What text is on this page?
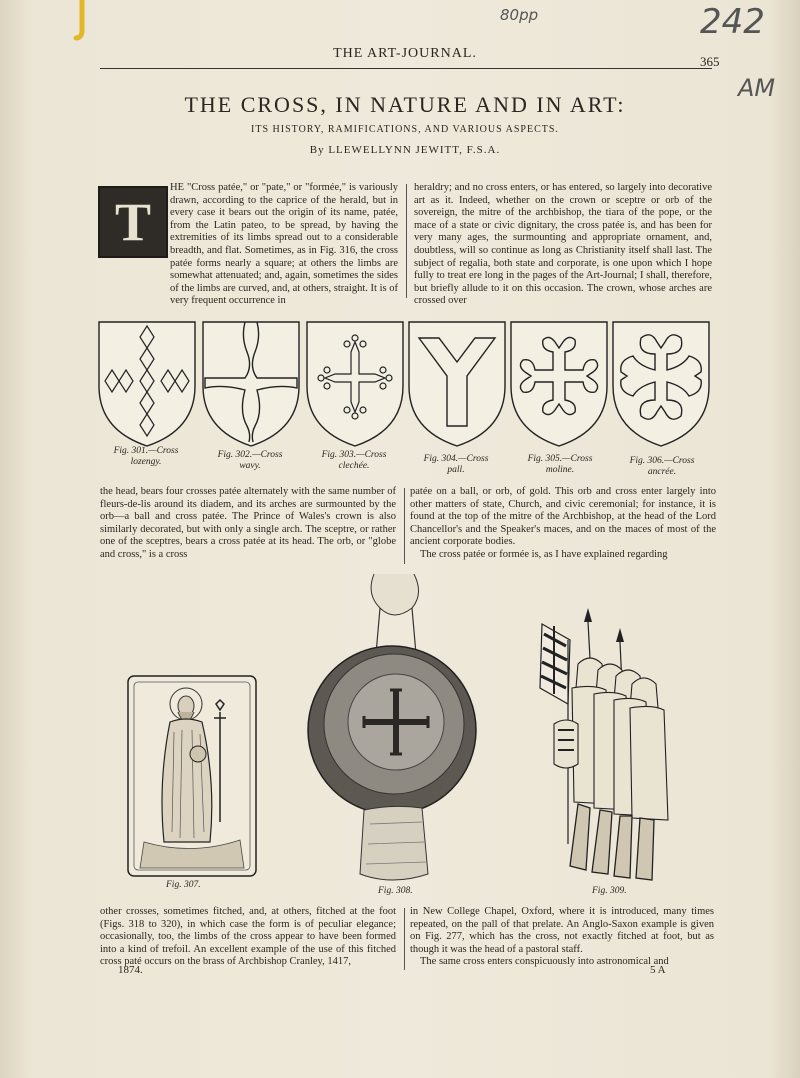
80pp	242
AM
THE ART-JOURNAL.
365
THE CROSS, IN NATURE AND IN ART:
ITS HISTORY, RAMIFICATIONS, AND VARIOUS ASPECTS.
By LLEWELLYNN JEWITT, F.S.A.
T

HE "Cross patée," or "pate," or "formée," is variously drawn, according to the caprice of the herald, but in every case it bears out the origin of its name, patée, from the Latin pateo, to be spread, by having the extremities of its limbs spread out to a considerable breadth, and flat. Sometimes, as in Fig. 316, the cross patée forms nearly a square; at others the limbs are somewhat attenuated; and, again, sometimes the sides of the limbs are curved, and, at others, straight. It is of very frequent occurrence in

heraldry; and no cross enters, or has entered, so largely into decorative art as it. Indeed, whether on the crown or sceptre or orb of the sovereign, the mitre of the archbishop, the tiara of the pope, or the mace of a state or civic dignitary, the cross patée is, and has been for very many ages, the surmounting and appropriate ornament, and, doubtless, will so continue as long as Christianity itself shall last. The subject of regalia, both state and corporate, is one upon which I hope fully to treat ere long in the pages of the Art-Journal; I shall, therefore, but briefly allude to it on this occasion. The crown, whose arches are crossed over

Fig. 301.—Cross
lozengy.
Fig. 302.—Cross
wavy.
Fig. 303.—Cross
clechée.
Fig. 304.—Cross
pall.
Fig. 305.—Cross
moline.
Fig. 306.—Cross
ancrée.

the head, bears four crosses patée alternately with the same number of fleurs-de-lis around its diadem, and its arches are surmounted by the orb—a ball and cross patée. The Prince of Wales's crown is also similarly decorated, but with only a single arch. The sceptre, or rather one of the sceptres, bears a cross patée at its head. The orb, or "globe and cross," is a cross

patée on a ball, or orb, of gold. This orb and cross enter largely into other matters of state, Church, and civic ceremonial; for instance, it is found at the top of the mitre of the Archbishop, at the head of the Lord Chancellor's and the Speaker's maces, and on the maces of most of the ancient corporate bodies.

The cross patée or formée is, as I have explained regarding

Fig. 307.
Fig. 308.	Fig. 309.

other crosses, sometimes fitched, and, at others, fitched at the foot (Figs. 318 to 320), in which case the form is of peculiar elegance; occasionally, too, the limbs of the cross appear to have been formed into a kind of trefoil. An excellent example of the use of this fitched cross paté occurs on the brass of Archbishop Cranley, 1417,

in New College Chapel, Oxford, where it is introduced, many times repeated, on the pall of that prelate. An Anglo-Saxon example is given on Fig. 277, which has the cross, not exactly fitched at foot, but as though it was the head of a pastoral staff.

The same cross enters conspicuously into astronomical and

1874.	5 A
